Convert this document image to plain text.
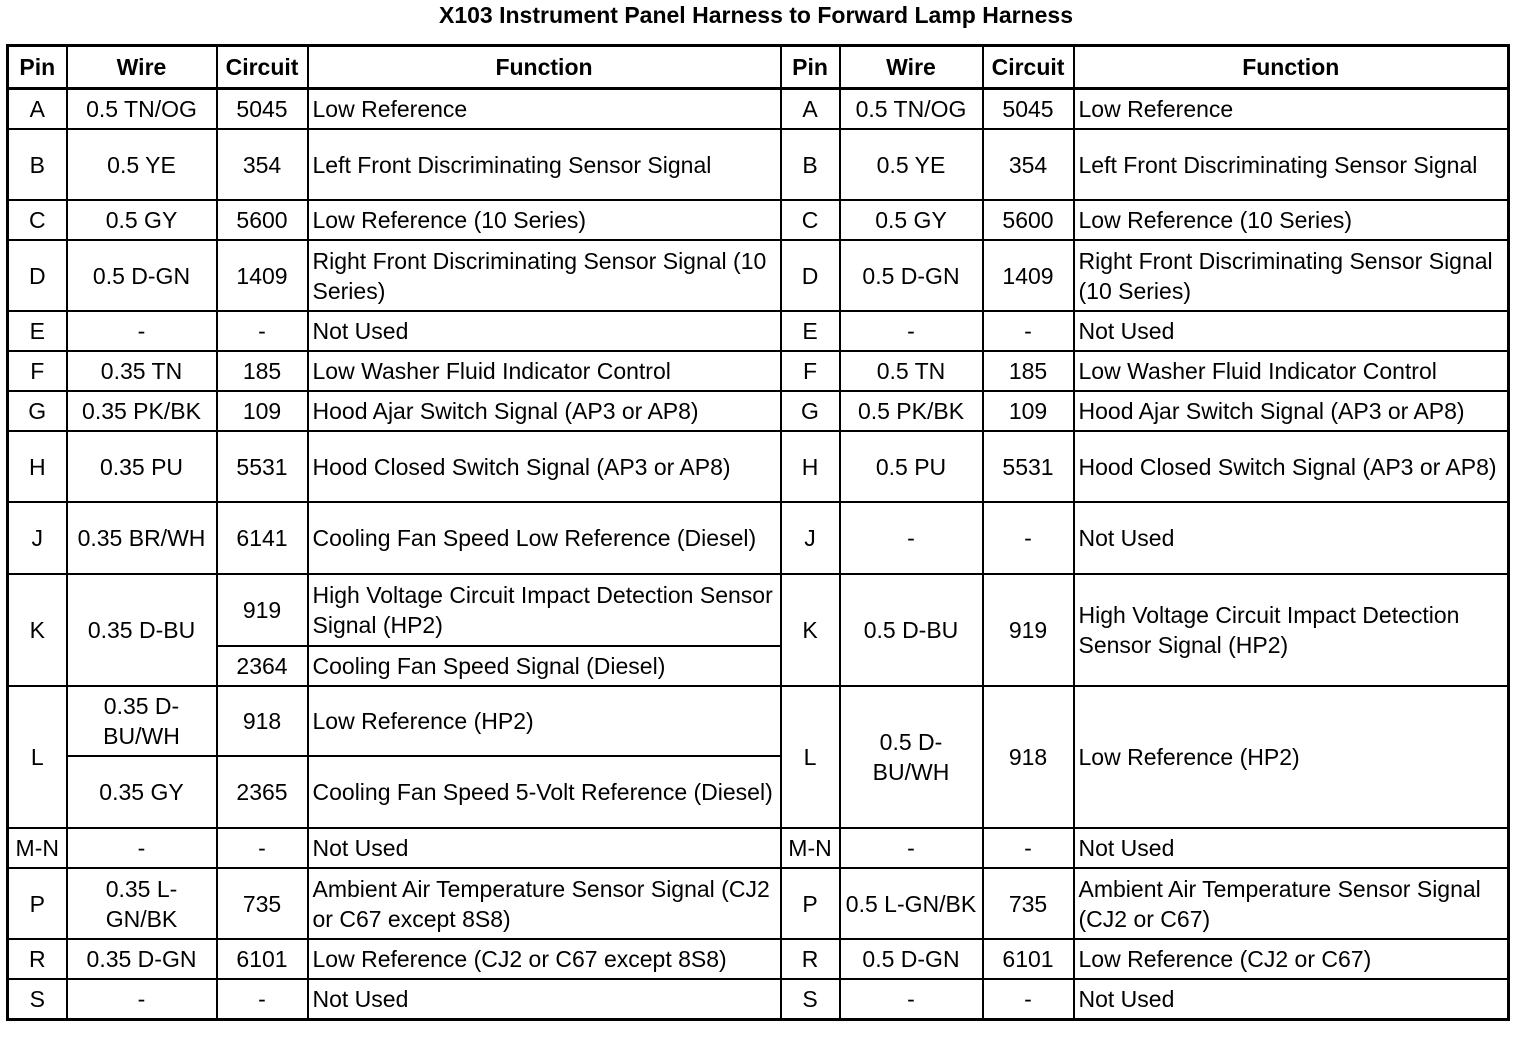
X103 Instrument Panel Harness to Forward Lamp Harness
Pin	Wire	Circuit	Function	Pin	Wire	Circuit	Function
A	0.5 TN/OG	5045	Low Reference	A	0.5 TN/OG	5045	Low Reference
B	0.5 YE	354	Left Front Discriminating Sensor Signal	B	0.5 YE	354	Left Front Discriminating Sensor Signal
C	0.5 GY	5600	Low Reference (10 Series)	C	0.5 GY	5600	Low Reference (10 Series)
D	0.5 D-GN	1409	Right Front Discriminating Sensor Signal (10 Series)	D	0.5 D-GN	1409	Right Front Discriminating Sensor Signal (10 Series)
E	-	-	Not Used	E	-	-	Not Used
F	0.35 TN	185	Low Washer Fluid Indicator Control	F	0.5 TN	185	Low Washer Fluid Indicator Control
G	0.35 PK/BK	109	Hood Ajar Switch Signal (AP3 or AP8)	G	0.5 PK/BK	109	Hood Ajar Switch Signal (AP3 or AP8)
H	0.35 PU	5531	Hood Closed Switch Signal (AP3 or AP8)	H	0.5 PU	5531	Hood Closed Switch Signal (AP3 or AP8)
J	0.35 BR/WH	6141	Cooling Fan Speed Low Reference (Diesel)	J	-	-	Not Used
K	0.35 D-BU	919	High Voltage Circuit Impact Detection Sensor Signal (HP2)	K	0.5 D-BU	919	High Voltage Circuit Impact Detection Sensor Signal (HP2)
		2364	Cooling Fan Speed Signal (Diesel)				
L	0.35 D-BU/WH	918	Low Reference (HP2)	L	0.5 D-BU/WH	918	Low Reference (HP2)
	0.35 GY	2365	Cooling Fan Speed 5-Volt Reference (Diesel)				
M-N	-	-	Not Used	M-N	-	-	Not Used
P	0.35 L-GN/BK	735	Ambient Air Temperature Sensor Signal (CJ2 or C67 except 8S8)	P	0.5 L-GN/BK	735	Ambient Air Temperature Sensor Signal (CJ2 or C67)
R	0.35 D-GN	6101	Low Reference (CJ2 or C67 except 8S8)	R	0.5 D-GN	6101	Low Reference (CJ2 or C67)
S	-	-	Not Used	S	-	-	Not Used
